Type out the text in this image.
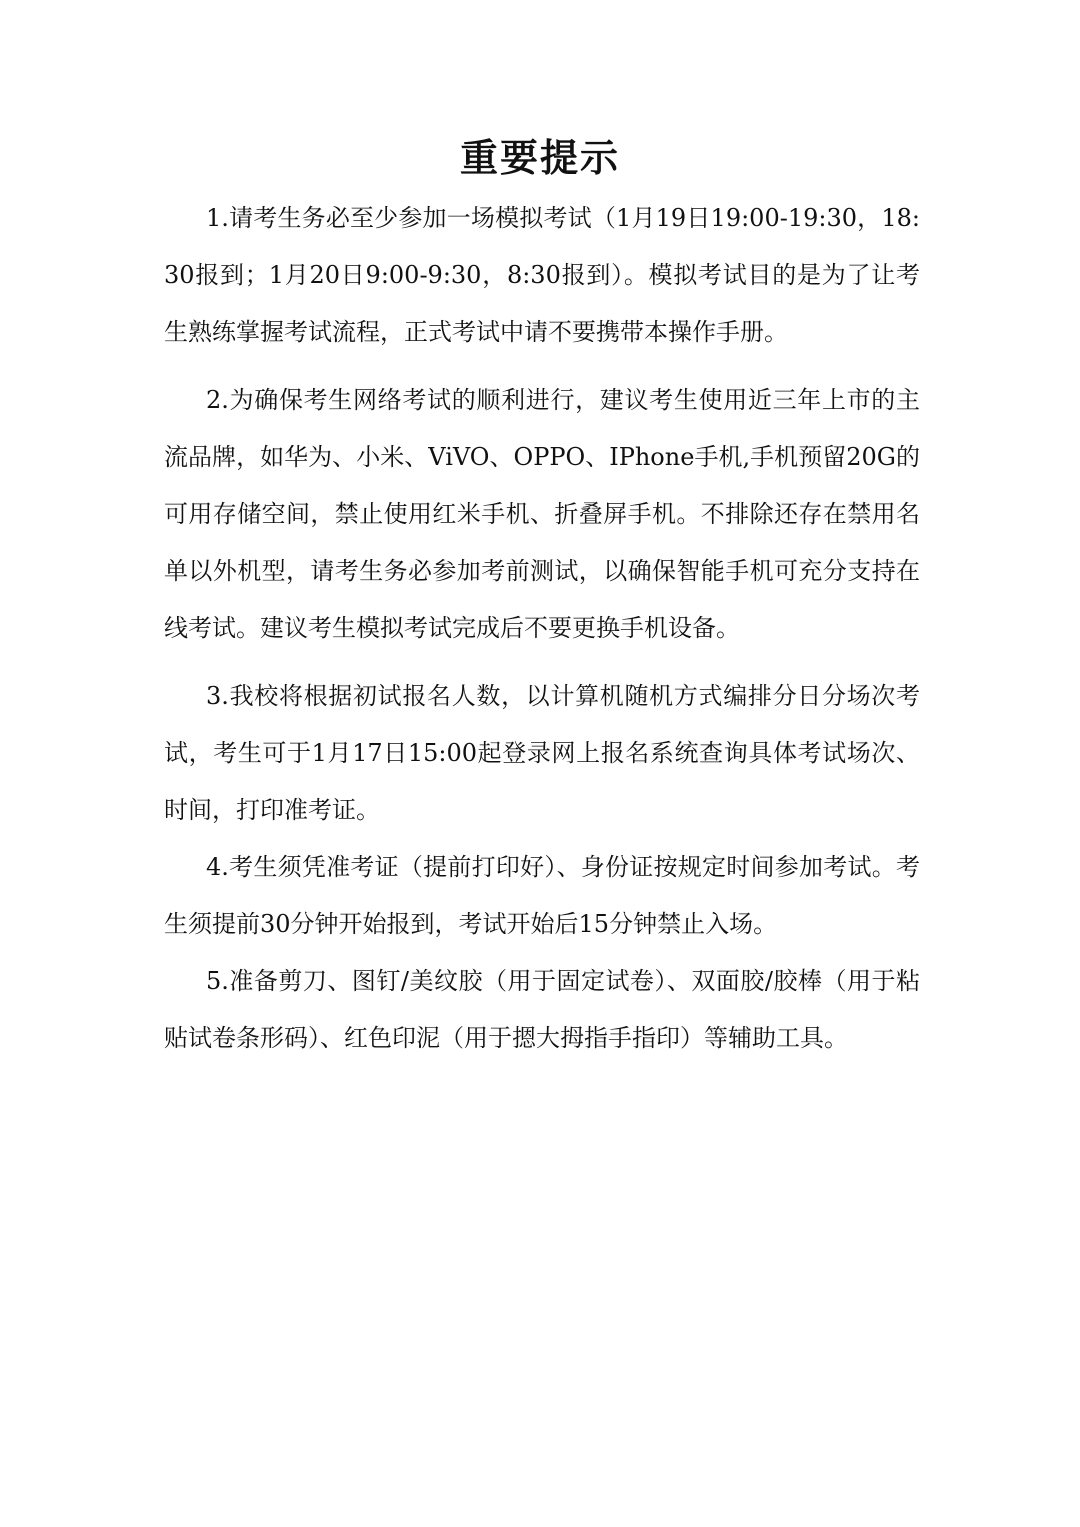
重要提示

1.请考生务必至少参加一场模拟考试（1月19日19:00-19:30，18:30报到；1月20日9:00-9:30，8:30报到）。模拟考试目的是为了让考生熟练掌握考试流程，正式考试中请不要携带本操作手册。

2.为确保考生网络考试的顺利进行，建议考生使用近三年上市的主流品牌，如华为、小米、ViVO、OPPO、IPhone手机,手机预留20G的可用存储空间，禁止使用红米手机、折叠屏手机。不排除还存在禁用名单以外机型，请考生务必参加考前测试，以确保智能手机可充分支持在线考试。建议考生模拟考试完成后不要更换手机设备。

3.我校将根据初试报名人数，以计算机随机方式编排分日分场次考试，考生可于1月17日15:00起登录网上报名系统查询具体考试场次、时间，打印准考证。

4.考生须凭准考证（提前打印好）、身份证按规定时间参加考试。考生须提前30分钟开始报到，考试开始后15分钟禁止入场。

5.准备剪刀、图钉/美纹胶（用于固定试卷）、双面胶/胶棒（用于粘贴试卷条形码）、红色印泥（用于摁大拇指手指印）等辅助工具。
